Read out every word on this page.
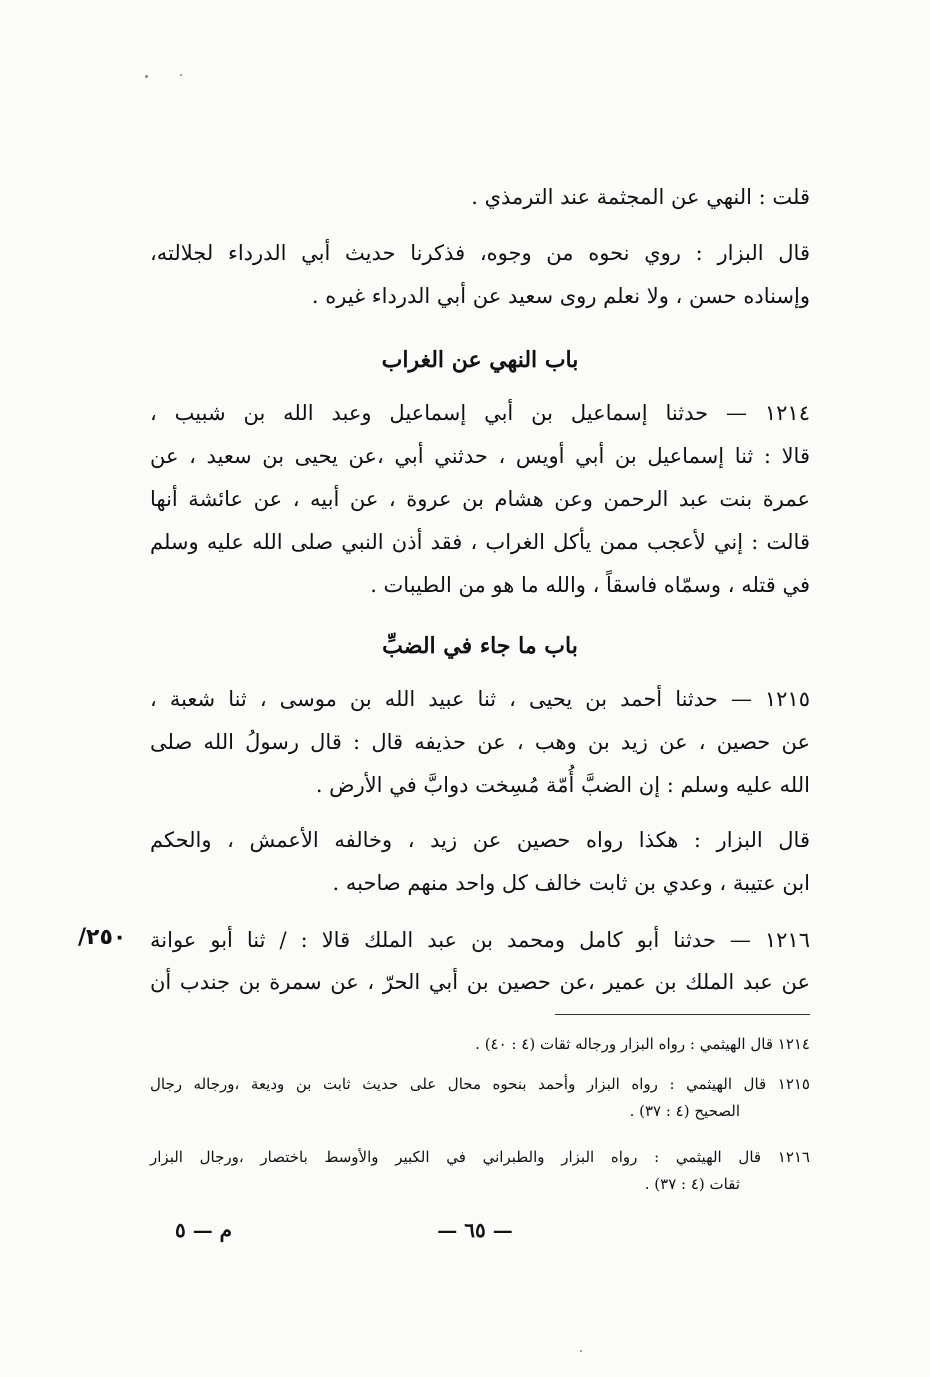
قلت : النهي عن المجثمة عند الترمذي .
قال البزار : روي نحوه من وجوه، فذكرنا حديث أبي الدرداء لجلالته،
وإسناده حسن ، ولا نعلم روى سعيد عن أبي الدرداء غيره .
باب النهي عن الغراب
١٢١٤ — حدثنا إسماعيل بن أبي إسماعيل وعبد الله بن شبيب ،
قالا : ثنا إسماعيل بن أبي أويس ، حدثني أبي ،عن يحيى بن سعيد ، عن
عمرة بنت عبد الرحمن وعن هشام بن عروة ، عن أبيه ، عن عائشة أنها
قالت : إني لأعجب ممن يأكل الغراب ، فقد أذن النبي صلى الله عليه وسلم
في قتله ، وسمّاه فاسقاً ، والله ما هو من الطيبات .
باب ما جاء في الضبِّ
١٢١٥ — حدثنا أحمد بن يحيى ، ثنا عبيد الله بن موسى ، ثنا شعبة ،
عن حصين ، عن زيد بن وهب ، عن حذيفه قال : قال رسولُ الله صلى
الله عليه وسلم : إن الضبَّ أُمّة مُسِخت دوابَّ في الأرض .
قال البزار : هكذا رواه حصين عن زيد ، وخالفه الأعمش ، والحكم
ابن عتيبة ، وعدي بن ثابت خالف كل واحد منهم صاحبه .
١٢١٦ — حدثنا أبو كامل ومحمد بن عبد الملك قالا : / ثنا أبو عوانة
عن عبد الملك بن عمير ،عن حصين بن أبي الحرّ ، عن سمرة بن جندب أن
١٢١٤ قال الهيثمي : رواه البزار ورجاله ثقات (٤ : ٤٠) .
١٢١٥ قال الهيثمي : رواه البزار وأحمد بنحوه محال على حديث ثابت بن وديعة ،ورجاله رجال
الصحيح (٤ : ٣٧) .
١٢١٦ قال الهيثمي : رواه البزار والطبراني في الكبير والأوسط باختصار ،ورجال البزار
ثقات (٤ : ٣٧) .
/٢٥٠
— ٦٥ —
م — ٥
